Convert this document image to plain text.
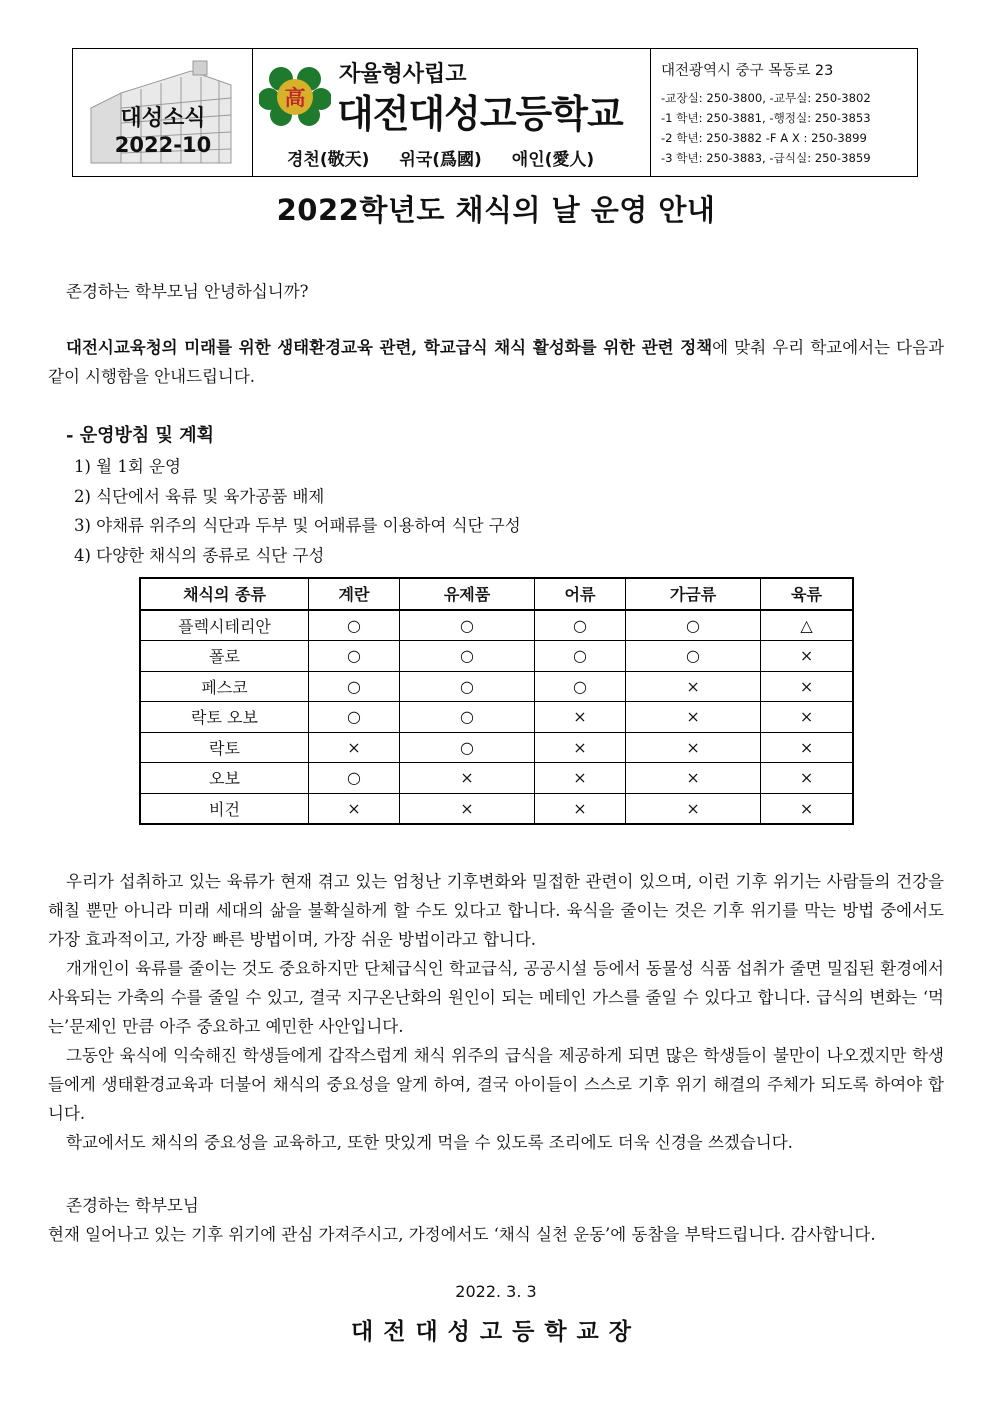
대성소식
2022-10
高
자율형사립고
대전대성고등학교
경천(敬天) 위국(爲國) 애인(愛人)
대전광역시 중구 목동로 23
-교장실: 250-3800, -교무실: 250-3802
-1 학년: 250-3881, -행정실: 250-3853
-2 학년: 250-3882 -F A X : 250-3899
-3 학년: 250-3883, -급식실: 250-3859
2022학년도 채식의 날 운영 안내
존경하는 학부모님 안녕하십니까?
대전시교육청의 미래를 위한 생태환경교육 관련, 학교급식 채식 활성화를 위한 관련 정책에 맞춰 우리 학교에서는 다음과 같이 시행함을 안내드립니다.
- 운영방침 및 계획
1) 월 1회 운영
2) 식단에서 육류 및 육가공품 배제
3) 야채류 위주의 식단과 두부 및 어패류를 이용하여 식단 구성
4) 다양한 채식의 종류로 식단 구성
채식의 종류	계란	유제품	어류	가금류	육류
플렉시테리안	○	○	○	○	△
폴로	○	○	○	○	×
페스코	○	○	○	×	×
락토 오보	○	○	×	×	×
락토	×	○	×	×	×
오보	○	×	×	×	×
비건	×	×	×	×	×

우리가 섭취하고 있는 육류가 현재 겪고 있는 엄청난 기후변화와 밀접한 관련이 있으며, 이런 기후 위기는 사람들의 건강을 해칠 뿐만 아니라 미래 세대의 삶을 불확실하게 할 수도 있다고 합니다. 육식을 줄이는 것은 기후 위기를 막는 방법 중에서도 가장 효과적이고, 가장 빠른 방법이며, 가장 쉬운 방법이라고 합니다.

개개인이 육류를 줄이는 것도 중요하지만 단체급식인 학교급식, 공공시설 등에서 동물성 식품 섭취가 줄면 밀집된 환경에서 사육되는 가축의 수를 줄일 수 있고, 결국 지구온난화의 원인이 되는 메테인 가스를 줄일 수 있다고 합니다. 급식의 변화는 ‘먹는’문제인 만큼 아주 중요하고 예민한 사안입니다.

그동안 육식에 익숙해진 학생들에게 갑작스럽게 채식 위주의 급식을 제공하게 되면 많은 학생들이 불만이 나오겠지만 학생들에게 생태환경교육과 더불어 채식의 중요성을 알게 하여, 결국 아이들이 스스로 기후 위기 해결의 주체가 되도록 하여야 합니다.

학교에서도 채식의 중요성을 교육하고, 또한 맛있게 먹을 수 있도록 조리에도 더욱 신경을 쓰겠습니다.

존경하는 학부모님

현재 일어나고 있는 기후 위기에 관심 가져주시고, 가정에서도 ‘채식 실천 운동’에 동참을 부탁드립니다. 감사합니다.

2022. 3. 3
대전대성고등학교장
